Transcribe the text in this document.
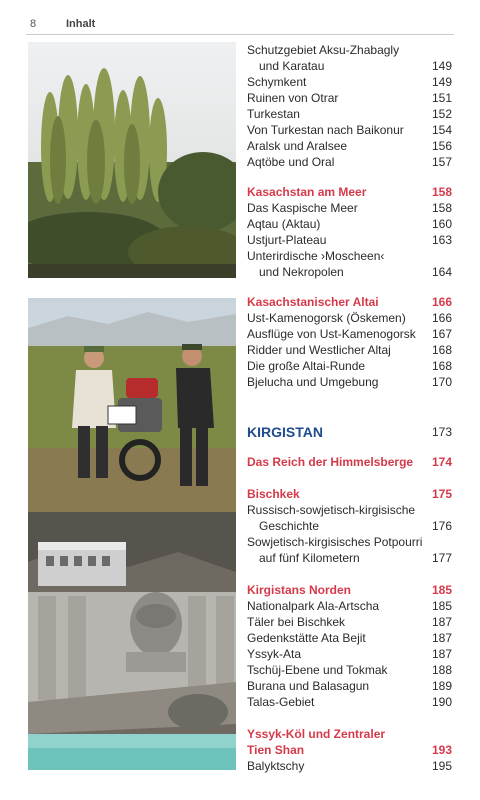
8	Inhalt
Schutzgebiet Aksu-Zhabagly
und Karatau	149
Schymkent	149
Ruinen von Otrar	151
Turkestan	152
Von Turkestan nach Baikonur 154
Aralsk und Aralsee	156
Aqtöbe und Oral	157
Kasachstan am Meer	158
Das Kaspische Meer	158
Aqtau (Aktau)	160
Ustjurt-Plateau	163
Unterirdische ›Moscheen‹
und Nekropolen	164
Kasachstanischer Altai	166
Ust-Kamenogorsk (Öskemen) 166
Ausflüge von Ust-Kamenogorsk 167
Ridder und Westlicher Altaj	168
Die große Altai-Runde	168
Bjelucha und Umgebung	170
KIRGISTAN	173
Das Reich der Himmelsberge 174
Bischkek	175
Russisch-sowjetisch-kirgisische
Geschichte	176
Sowjetisch-kirgisisches Potpourri
auf fünf Kilometern	177
Kirgistans Norden	185
Nationalpark Ala-Artscha	185
Täler bei Bischkek	187
Gedenkstätte Ata Bejit	187
Yssyk-Ata	187
Tschüj-Ebene und Tokmak	188
Burana und Balasagun	189
Talas-Gebiet	190
Yssyk-Köl und Zentraler
Tien Shan	193
Balyktschy	195
